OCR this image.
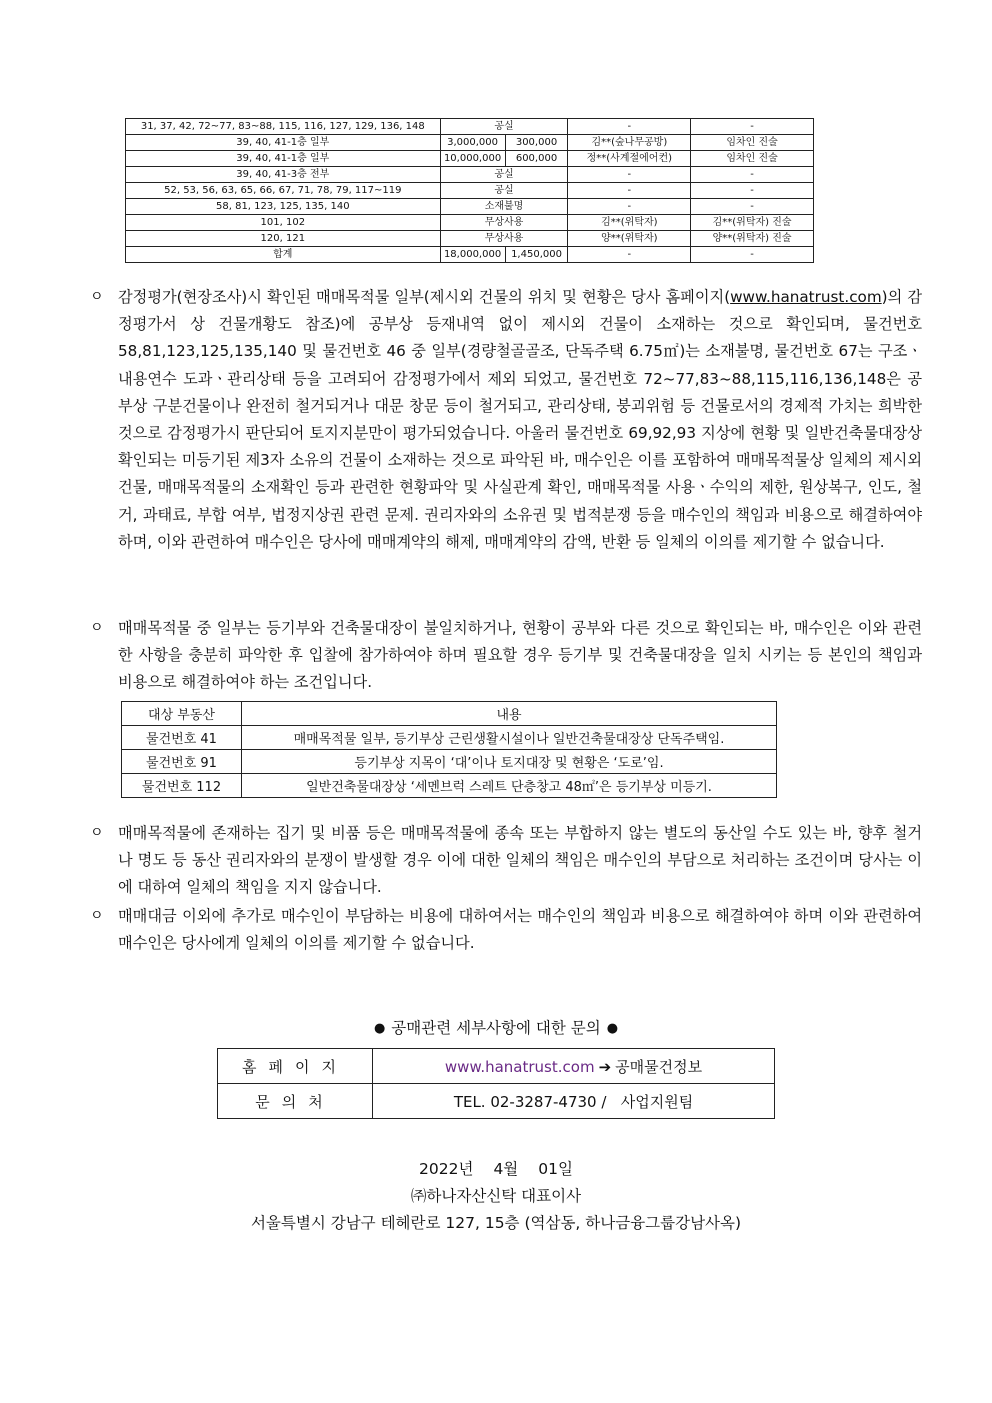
31, 37, 42, 72~77, 83~88, 115, 116, 127, 129, 136, 148	공실		-	-
39, 40, 41-1층 일부	3,000,000	300,000	김**(숲나무공방)	임차인 진술
39, 40, 41-1층 일부	10,000,000	600,000	정**(사계절에어컨)	임차인 진술
39, 40, 41-3층 전부	공실		-	-
52, 53, 56, 63, 65, 66, 67, 71, 78, 79, 117~119	공실		-	-
58, 81, 123, 125, 135, 140	소재불명		-	-
101, 102	무상사용		김**(위탁자)	김**(위탁자) 진술
120, 121	무상사용		양**(위탁자)	양**(위탁자) 진술
합계	18,000,000	1,450,000	-	-
ㅇ 감정평가(현장조사)시 확인된 매매목적물 일부(제시외 건물의 위치 및 현황은 당사 홈페이지(www.hanatrust.com)의 감정평가서 상 건물개황도 참조)에 공부상 등재내역 없이 제시외 건물이 소재하는 것으로 확인되며, 물건번호 58,81,123,125,135,140 및 물건번호 46 중 일부(경량철골골조, 단독주택 6.75㎡)는 소재불명, 물건번호 67는 구조ㆍ내용연수 도과ㆍ관리상태 등을 고려되어 감정평가에서 제외 되었고, 물건번호 72~77,83~88,115,116,136,148은 공부상 구분건물이나 완전히 철거되거나 대문 창문 등이 철거되고, 관리상태, 붕괴위험 등 건물로서의 경제적 가치는 희박한 것으로 감정평가시 판단되어 토지지분만이 평가되었습니다. 아울러 물건번호 69,92,93 지상에 현황 및 일반건축물대장상 확인되는 미등기된 제3자 소유의 건물이 소재하는 것으로 파악된 바, 매수인은 이를 포함하여 매매목적물상 일체의 제시외 건물, 매매목적물의 소재확인 등과 관련한 현황파악 및 사실관계 확인, 매매목적물 사용ㆍ수익의 제한, 원상복구, 인도, 철거, 과태료, 부합 여부, 법정지상권 관련 문제. 권리자와의 소유권 및 법적분쟁 등을 매수인의 책임과 비용으로 해결하여야 하며, 이와 관련하여 매수인은 당사에 매매계약의 해제, 매매계약의 감액, 반환 등 일체의 이의를 제기할 수 없습니다.
ㅇ 매매목적물 중 일부는 등기부와 건축물대장이 불일치하거나, 현황이 공부와 다른 것으로 확인되는 바, 매수인은 이와 관련한 사항을 충분히 파악한 후 입찰에 참가하여야 하며 필요할 경우 등기부 및 건축물대장을 일치 시키는 등 본인의 책임과 비용으로 해결하여야 하는 조건입니다.
대상 부동산	내용
물건번호 41	매매목적물 일부, 등기부상 근린생활시설이나 일반건축물대장상 단독주택임.
물건번호 91	등기부상 지목이 ‘대’이나 토지대장 및 현황은 ‘도로’임.
물건번호 112	일반건축물대장상 ‘세멘브럭 스레트 단층창고 48㎡’은 등기부상 미등기.
ㅇ 매매목적물에 존재하는 집기 및 비품 등은 매매목적물에 종속 또는 부합하지 않는 별도의 동산일 수도 있는 바, 향후 철거나 명도 등 동산 권리자와의 분쟁이 발생할 경우 이에 대한 일체의 책임은 매수인의 부담으로 처리하는 조건이며 당사는 이에 대하여 일체의 책임을 지지 않습니다.
ㅇ 매매대금 이외에 추가로 매수인이 부담하는 비용에 대하여서는 매수인의 책임과 비용으로 해결하여야 하며 이와 관련하여 매수인은 당사에게 일체의 이의를 제기할 수 없습니다.
● 공매관련 세부사항에 대한 문의 ●
홈페이지	www.hanatrust.com ➔ 공매물건정보
문의처	TEL. 02-3287-4730 /   사업지원팀
2022년 4월 01일
㈜하나자산신탁 대표이사
서울특별시 강남구 테헤란로 127, 15층 (역삼동, 하나금융그룹강남사옥)
